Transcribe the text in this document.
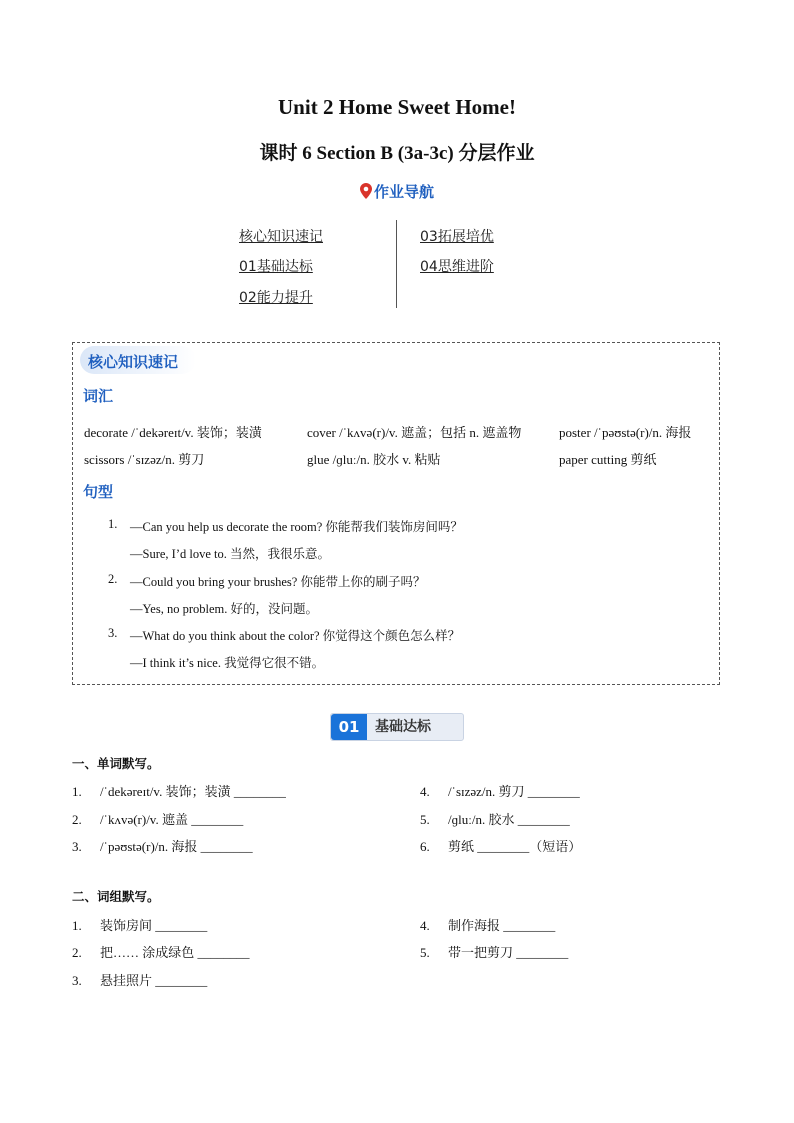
Unit 2 Home Sweet Home!
课时 6 Section B (3a-3c) 分层作业
作业导航
核心知识速记
01基础达标
02能力提升
03拓展培优
04思维进阶
核心知识速记
词汇
decorate /ˈdekəreɪt/v. 装饰；装潢	cover /ˈkʌvə(r)/v. 遮盖；包括 n. 遮盖物	poster /ˈpəʊstə(r)/n. 海报
scissors /ˈsɪzəz/n. 剪刀	glue /ɡluː/n. 胶水 v. 粘贴	paper cutting 剪纸
句型
1. —Can you help us decorate the room? 你能帮我们装饰房间吗？
—Sure, I’d love to. 当然，我很乐意。
2. —Could you bring your brushes? 你能带上你的刷子吗？
—Yes, no problem. 好的，没问题。
3. —What do you think about the color? 你觉得这个颜色怎么样？
—I think it’s nice. 我觉得它很不错。
01	基础达标
一、单词默写。
1. /ˈdekəreɪt/v. 装饰；装潢 ________
2. /ˈkʌvə(r)/v. 遮盖 ________
3. /ˈpəʊstə(r)/n. 海报 ________
4. /ˈsɪzəz/n. 剪刀 ________
5. /ɡluː/n. 胶水 ________
6. 剪纸 ________（短语）
二、词组默写。
1. 装饰房间 ________
2. 把…… 涂成绿色 ________
3. 悬挂照片 ________
4. 制作海报 ________
5. 带一把剪刀 ________
